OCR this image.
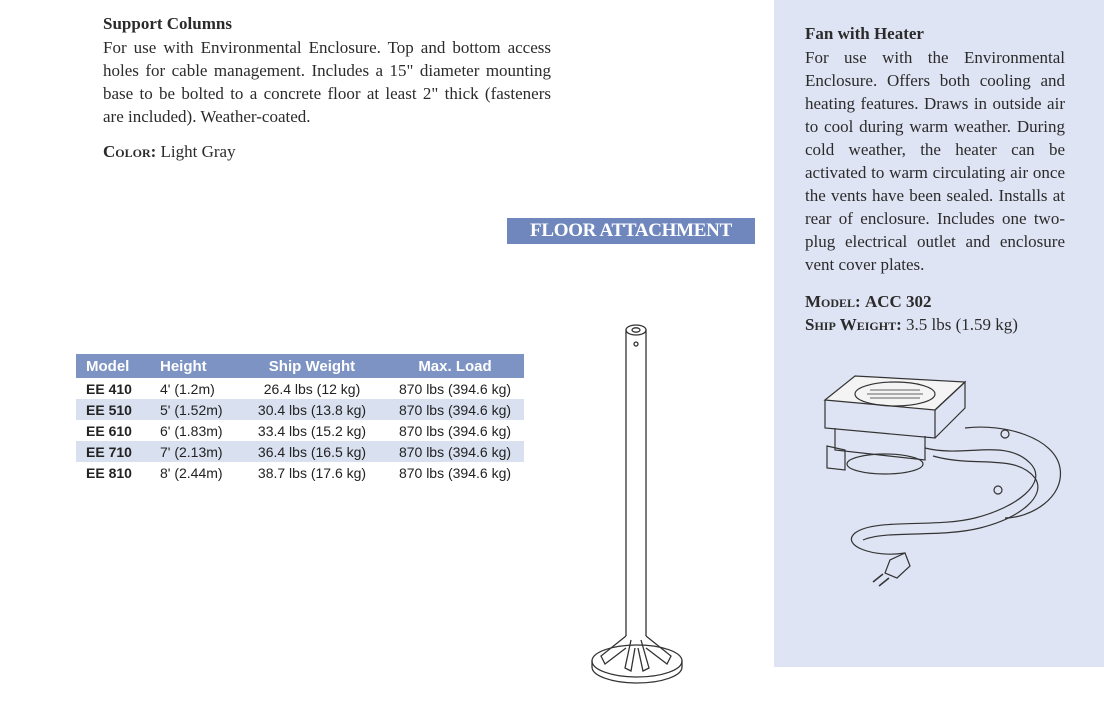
Support Columns
For use with Environmental Enclosure. Top and bottom access holes for cable management. Includes a 15" diameter mounting base to be bolted to a concrete floor at least 2" thick (fasteners are included). Weather-coated.
Color: Light Gray
FLOOR ATTACHMENT
Model	Height	Ship Weight	Max. Load
EE 410	4' (1.2m)	26.4 lbs (12 kg)	870 lbs (394.6 kg)
EE 510	5' (1.52m)	30.4 lbs (13.8 kg)	870 lbs (394.6 kg)
EE 610	6' (1.83m)	33.4 lbs (15.2 kg)	870 lbs (394.6 kg)
EE 710	7' (2.13m)	36.4 lbs (16.5 kg)	870 lbs (394.6 kg)
EE 810	8' (2.44m)	38.7 lbs (17.6 kg)	870 lbs (394.6 kg)
Fan with Heater
For use with the Environmental Enclosure. Offers both cooling and heating features. Draws in outside air to cool during warm weather. During cold weather, the heater can be activated to warm circulating air once the vents have been sealed. Installs at rear of enclosure. Includes one two-plug electrical outlet and enclosure vent cover plates.
Model: ACC 302
Ship Weight: 3.5 lbs (1.59 kg)
